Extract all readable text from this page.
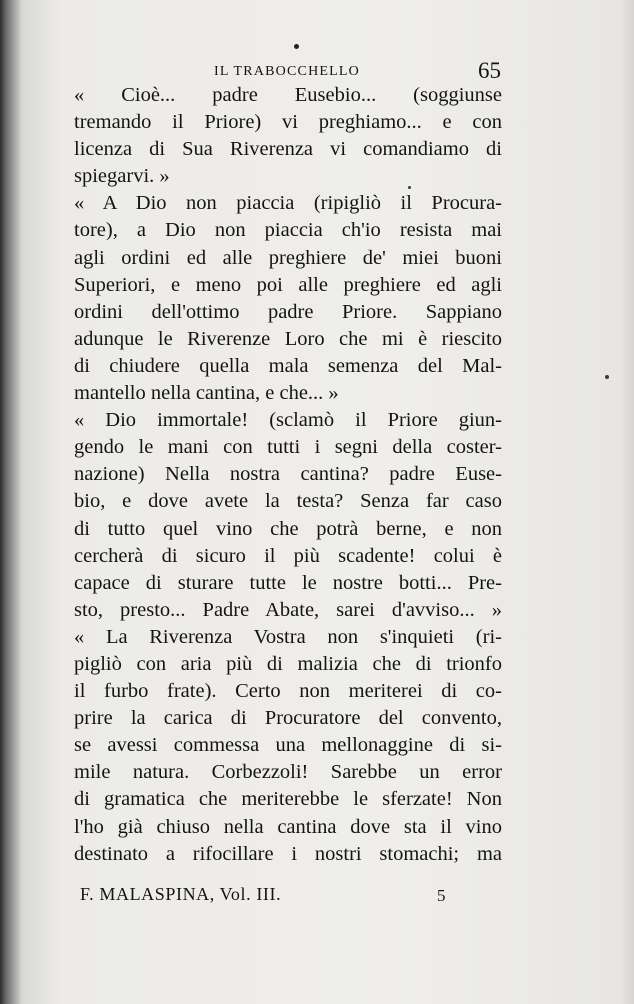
IL TRABOCCHELLO	65
« Cioè... padre Eusebio... (soggiunse
tremando il Priore) vi preghiamo... e con
licenza di Sua Riverenza vi comandiamo di
spiegarvi. »
« A Dio non piaccia (ripigliò il Procura-
tore), a Dio non piaccia ch'io resista mai
agli ordini ed alle preghiere de' miei buoni
Superiori, e meno poi alle preghiere ed agli
ordini dell'ottimo padre Priore. Sappiano
adunque le Riverenze Loro che mi è riescito
di chiudere quella mala semenza del Mal-
mantello nella cantina, e che... »
« Dio immortale! (sclamò il Priore giun-
gendo le mani con tutti i segni della coster-
nazione) Nella nostra cantina? padre Euse-
bio, e dove avete la testa? Senza far caso
di tutto quel vino che potrà berne, e non
cercherà di sicuro il più scadente! colui è
capace di sturare tutte le nostre botti... Pre-
sto, presto... Padre Abate, sarei d'avviso... »
« La Riverenza Vostra non s'inquieti (ri-
pigliò con aria più di malizia che di trionfo
il furbo frate). Certo non meriterei di co-
prire la carica di Procuratore del convento,
se avessi commessa una mellonaggine di si-
mile natura. Corbezzoli! Sarebbe un error
di gramatica che meriterebbe le sferzate! Non
l'ho già chiuso nella cantina dove sta il vino
destinato a rifocillare i nostri stomachi; ma
F. MALASPINA, Vol. III.	5
